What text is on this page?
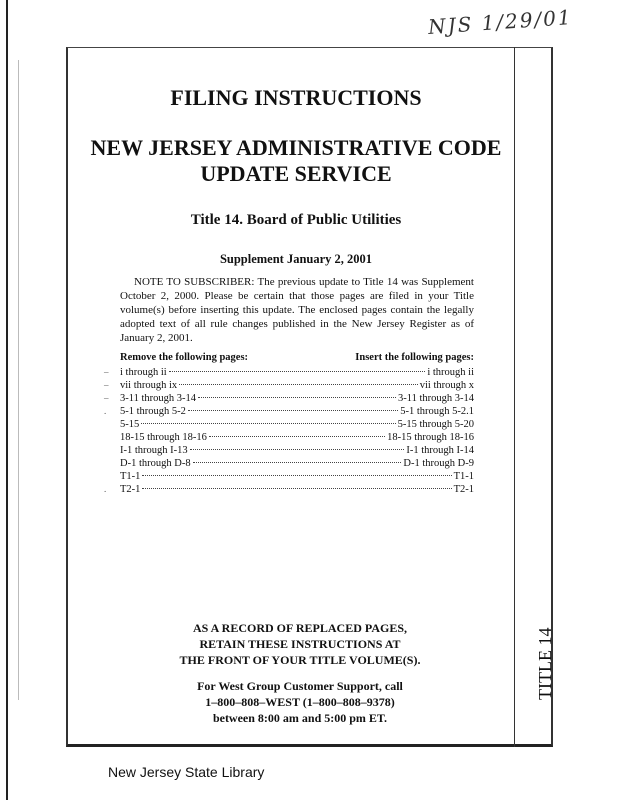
NJS 1/29/01
TITLE 14
FILING INSTRUCTIONS
NEW JERSEY ADMINISTRATIVE CODE
UPDATE SERVICE
Title 14. Board of Public Utilities
Supplement January 2, 2001
NOTE TO SUBSCRIBER: The previous update to Title 14 was Supplement October 2, 2000. Please be certain that those pages are filed in your Title volume(s) before inserting this update. The enclosed pages contain the legally adopted text of all rule changes published in the New Jersey Register as of January 2, 2001.
Remove the following pages:	Insert the following pages:
– i through ii	i through ii
– vii through ix	vii through x
– 3-11 through 3-14	3-11 through 3-14
. 5-1 through 5-2	5-1 through 5-2.1
5-15	5-15 through 5-20
18-15 through 18-16	18-15 through 18-16
I-1 through I-13	I-1 through I-14
D-1 through D-8	D-1 through D-9
T1-1	T1-1
. T2-1	T2-1
AS A RECORD OF REPLACED PAGES,
RETAIN THESE INSTRUCTIONS AT
THE FRONT OF YOUR TITLE VOLUME(S).
For West Group Customer Support, call
1–800–808–WEST (1–800–808–9378)
between 8:00 am and 5:00 pm ET.
New Jersey State Library
